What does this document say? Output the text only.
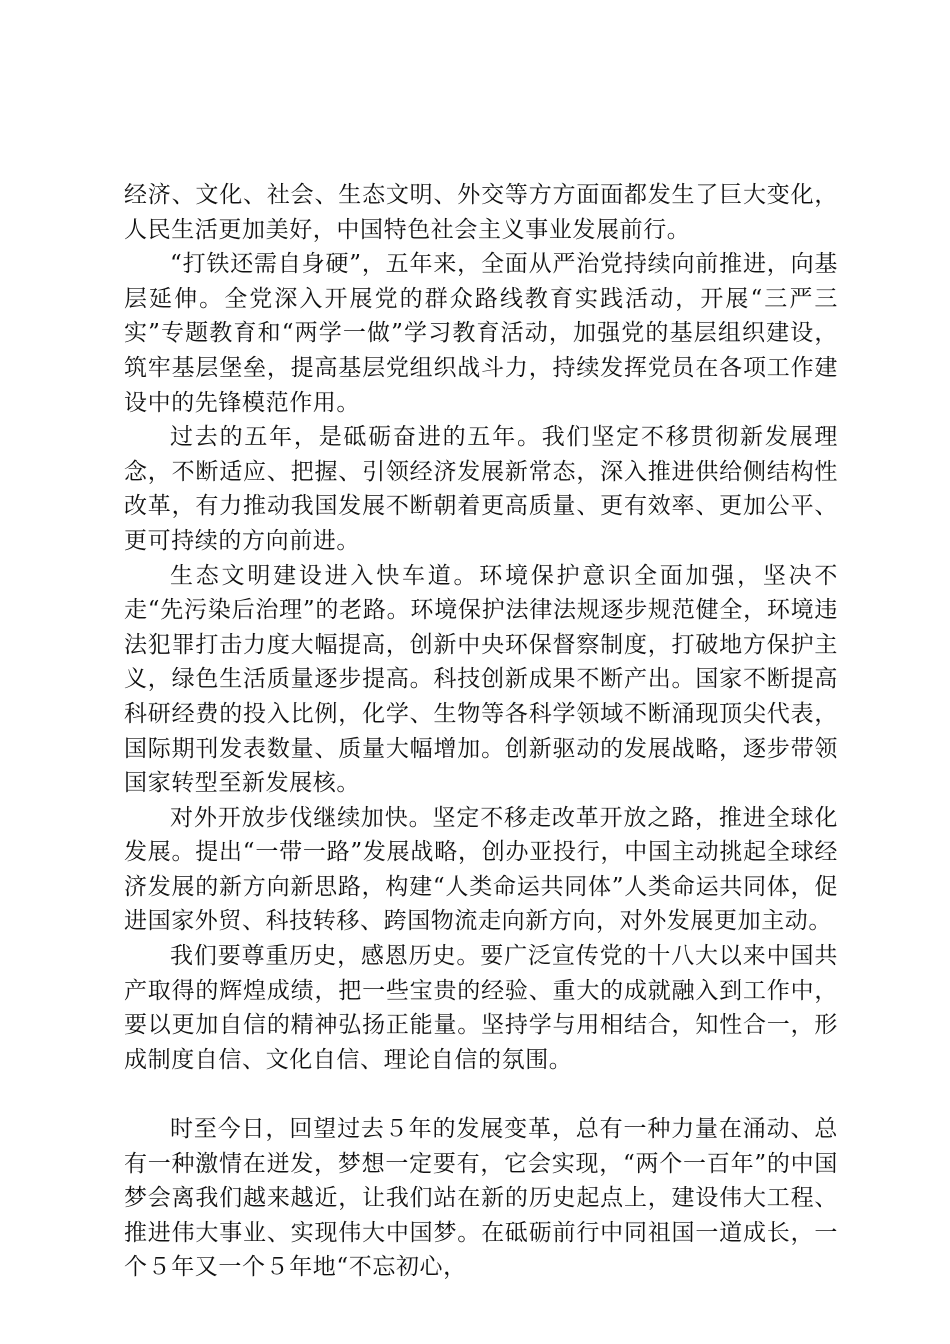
经济、文化、社会、生态文明、外交等方方面面都发生了巨大变化，人民生活更加美好，中国特色社会主义事业发展前行。

“打铁还需自身硬”，五年来，全面从严治党持续向前推进，向基层延伸。全党深入开展党的群众路线教育实践活动，开展“三严三实”专题教育和“两学一做”学习教育活动，加强党的基层组织建设，筑牢基层堡垒，提高基层党组织战斗力，持续发挥党员在各项工作建设中的先锋模范作用。

过去的五年，是砥砺奋进的五年。我们坚定不移贯彻新发展理念，不断适应、把握、引领经济发展新常态，深入推进供给侧结构性改革，有力推动我国发展不断朝着更高质量、更有效率、更加公平、更可持续的方向前进。

生态文明建设进入快车道。环境保护意识全面加强，坚决不走“先污染后治理”的老路。环境保护法律法规逐步规范健全，环境违法犯罪打击力度大幅提高，创新中央环保督察制度，打破地方保护主义，绿色生活质量逐步提高。科技创新成果不断产出。国家不断提高科研经费的投入比例，化学、生物等各科学领域不断涌现顶尖代表，国际期刊发表数量、质量大幅增加。创新驱动的发展战略，逐步带领国家转型至新发展核。

对外开放步伐继续加快。坚定不移走改革开放之路，推进全球化发展。提出“一带一路”发展战略，创办亚投行，中国主动挑起全球经济发展的新方向新思路，构建“人类命运共同体”人类命运共同体，促进国家外贸、科技转移、跨国物流走向新方向，对外发展更加主动。

我们要尊重历史，感恩历史。要广泛宣传党的十八大以来中国共产取得的辉煌成绩，把一些宝贵的经验、重大的成就融入到工作中，要以更加自信的精神弘扬正能量。坚持学与用相结合，知性合一，形成制度自信、文化自信、理论自信的氛围。

时至今日，回望过去５年的发展变革，总有一种力量在涌动、总有一种激情在迸发，梦想一定要有，它会实现，“两个一百年”的中国梦会离我们越来越近，让我们站在新的历史起点上，建设伟大工程、推进伟大事业、实现伟大中国梦。在砥砺前行中同祖国一道成长，一个５年又一个５年地“不忘初心，
